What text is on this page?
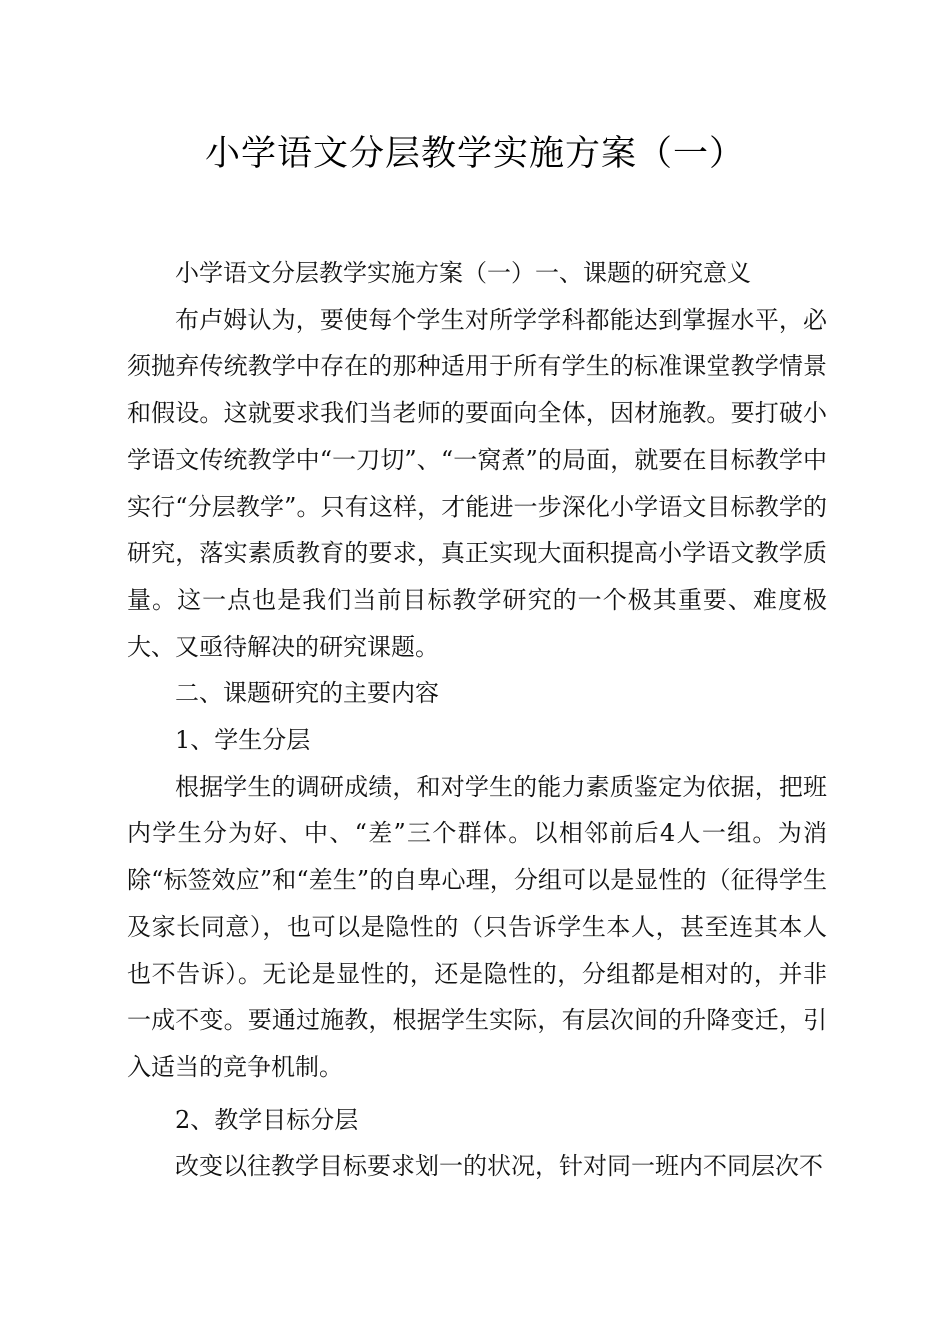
小学语文分层教学实施方案（一）

小学语文分层教学实施方案（一）一、课题的研究意义

布卢姆认为，要使每个学生对所学学科都能达到掌握水平，必须抛弃传统教学中存在的那种适用于所有学生的标准课堂教学情景和假设。这就要求我们当老师的要面向全体，因材施教。要打破小学语文传统教学中“一刀切”、“一窝煮”的局面，就要在目标教学中实行“分层教学”。只有这样，才能进一步深化小学语文目标教学的研究，落实素质教育的要求，真正实现大面积提高小学语文教学质量。这一点也是我们当前目标教学研究的一个极其重要、难度极大、又亟待解决的研究课题。

二、课题研究的主要内容

1、学生分层

根据学生的调研成绩，和对学生的能力素质鉴定为依据，把班内学生分为好、中、“差”三个群体。以相邻前后4人一组。为消除“标签效应”和“差生”的自卑心理，分组可以是显性的（征得学生及家长同意），也可以是隐性的（只告诉学生本人，甚至连其本人也不告诉）。无论是显性的，还是隐性的，分组都是相对的，并非一成不变。要通过施教，根据学生实际，有层次间的升降变迁，引入适当的竞争机制。

2、教学目标分层

改变以往教学目标要求划一的状况，针对同一班内不同层次不
